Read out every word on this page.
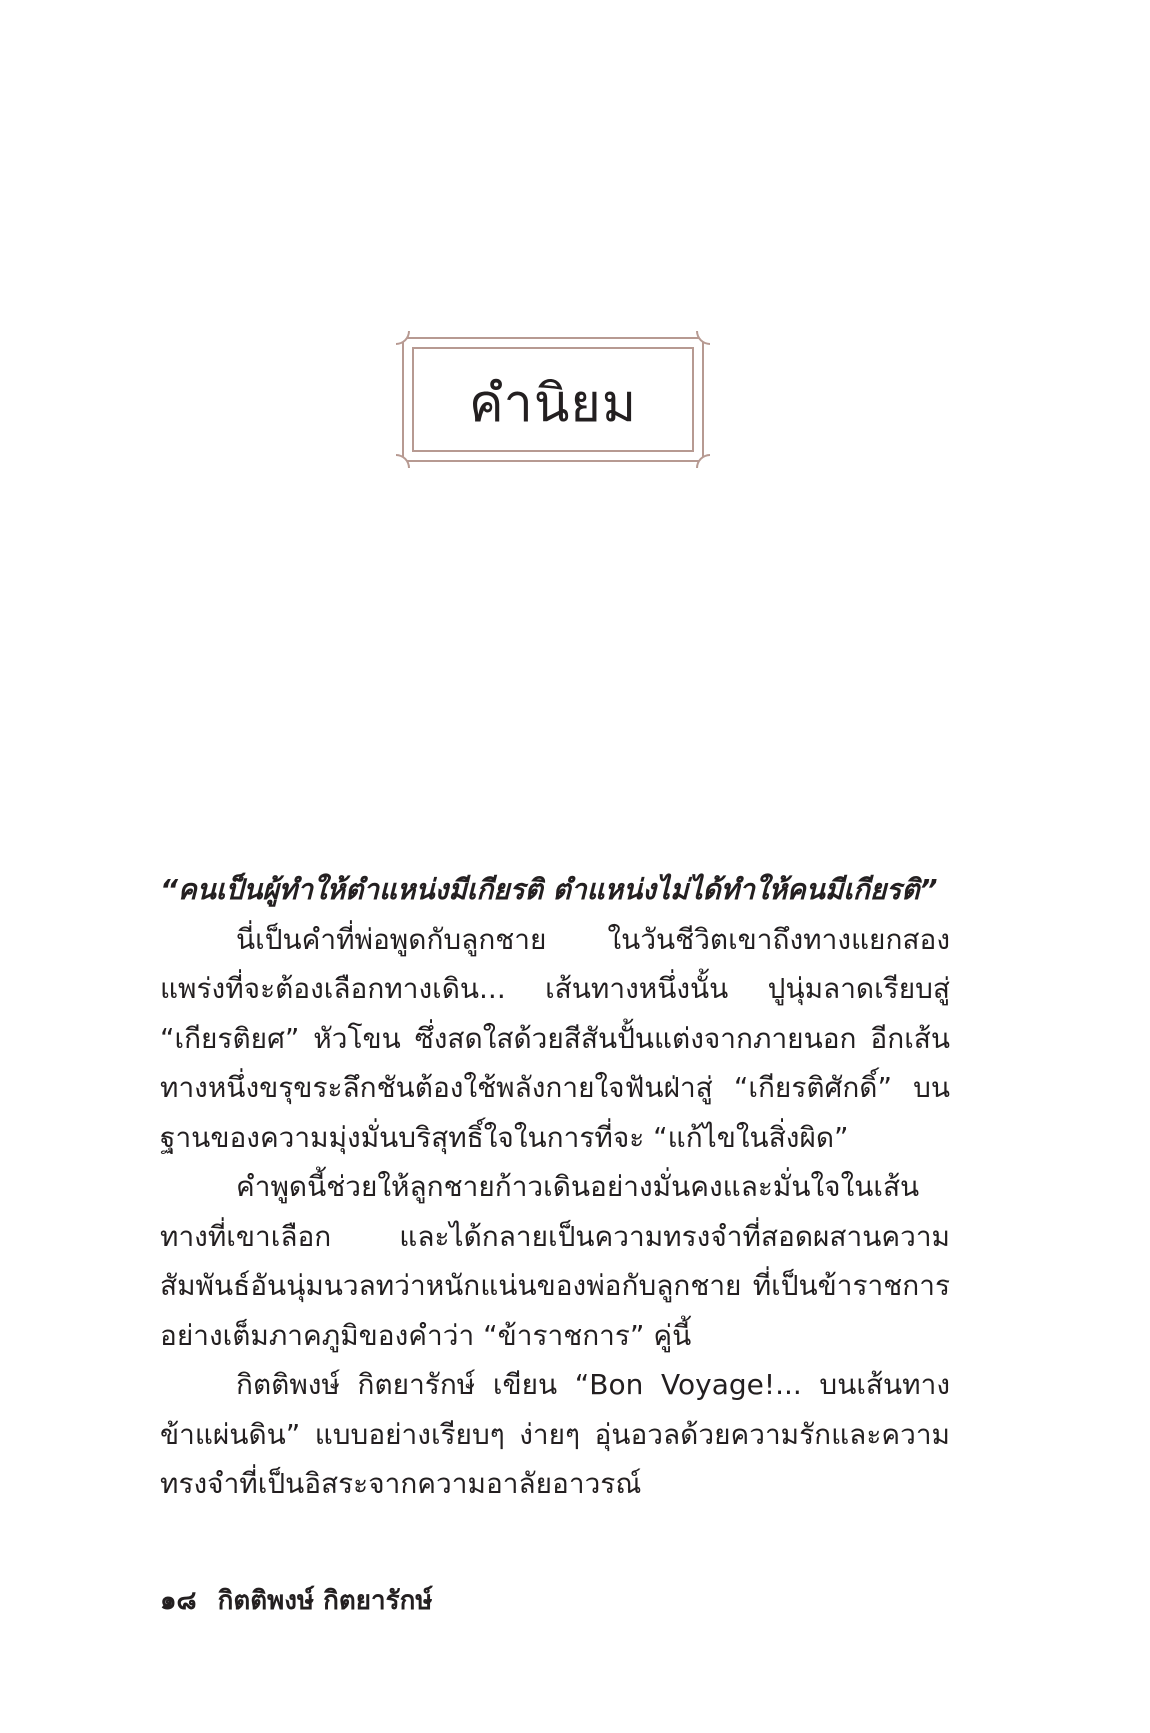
คำนิยม

“คนเป็นผู้ทำให้ตำแหน่งมีเกียรติ ตำแหน่งไม่ได้ทำให้คนมีเกียรติ”

นี่เป็นคำที่พ่อพูดกับลูกชาย ในวันชีวิตเขาถึงทางแยกสองแพร่งที่จะต้องเลือกทางเดิน... เส้นทางหนึ่งนั้น ปูนุ่มลาดเรียบสู่ “เกียรติยศ” หัวโขน ซึ่งสดใสด้วยสีสันปั้นแต่งจากภายนอก อีกเส้นทางหนึ่งขรุขระลึกชันต้องใช้พลังกายใจฟันฝ่าสู่ “เกียรติศักดิ์” บนฐานของความมุ่งมั่นบริสุทธิ์ใจในการที่จะ “แก้ไขในสิ่งผิด”

คำพูดนี้ช่วยให้ลูกชายก้าวเดินอย่างมั่นคงและมั่นใจในเส้นทางที่เขาเลือก และได้กลายเป็นความทรงจำที่สอดผสานความสัมพันธ์อันนุ่มนวลทว่าหนักแน่นของพ่อกับลูกชาย ที่เป็นข้าราชการอย่างเต็มภาคภูมิของคำว่า “ข้าราชการ” คู่นี้

กิตติพงษ์ กิตยารักษ์ เขียน “Bon Voyage!... บนเส้นทางข้าแผ่นดิน” แบบอย่างเรียบๆ ง่ายๆ อุ่นอวลด้วยความรักและความทรงจำที่เป็นอิสระจากความอาลัยอาวรณ์

๑๘ กิตติพงษ์ กิตยารักษ์
